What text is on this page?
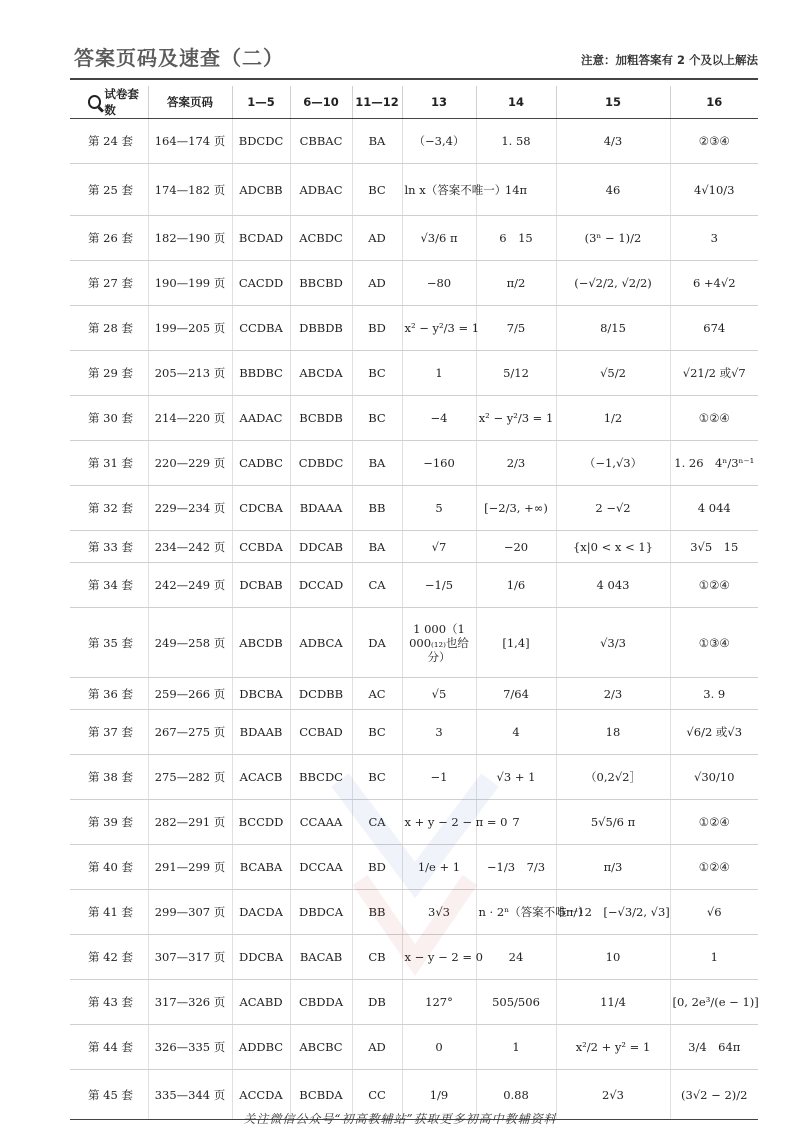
答案页码及速查（二）	注意：加粗答案有 2 个及以上解法
试卷套数	答案页码	1—5	6—10	11—12	13	14	15	16
第 24 套	164—174 页	BDCDC	CBBAC	BA	（−3,4）	1. 58	4/3	②③④
第 25 套	174—182 页	ADCBB	ADBAC	BC	ln x（答案不唯一）	14π	46	4√10/3
第 26 套	182—190 页	BCDAD	ACBDC	AD	√3/6 π	6　15	(3ⁿ − 1)/2	3
第 27 套	190—199 页	CACDD	BBCBD	AD	−80	π/2	(−√2/2, √2/2)	6 +4√2
第 28 套	199—205 页	CCDBA	DBBDB	BD	x² − y²/3 = 1	7/5	8/15	674
第 29 套	205—213 页	BBDBC	ABCDA	BC	1	5/12	√5/2	√21/2 或√7
第 30 套	214—220 页	AADAC	BCBDB	BC	−4	x² − y²/3 = 1	1/2	①②④
第 31 套	220—229 页	CADBC	CDBDC	BA	−160	2/3	（−1,√3）	1. 26　4ⁿ/3ⁿ⁻¹
第 32 套	229—234 页	CDCBA	BDAAA	BB	5	[−2/3, +∞)	2 −√2	4 044
第 33 套	234—242 页	CCBDA	DDCAB	BA	√7	−20	{x|0 < x < 1}	3√5　15
第 34 套	242—249 页	DCBAB	DCCAD	CA	−1/5	1/6	4 043	①②④
第 35 套	249—258 页	ABCDB	ADBCA	DA	1 000（1 000₍₁₂₎也给分）	[1,4]	√3/3	①③④
第 36 套	259—266 页	DBCBA	DCDBB	AC	√5	7/64	2/3	3. 9
第 37 套	267—275 页	BDAAB	CCBAD	BC	3	4	18	√6/2 或√3
第 38 套	275—282 页	ACACB	BBCDC	BC	−1	√3 + 1	（0,2√2］	√30/10
第 39 套	282—291 页	BCCDD	CCAAA	CA	x + y − 2 − π = 0	7	5√5/6 π	①②④
第 40 套	291—299 页	BCABA	DCCAA	BD	1/e + 1	−1/3　7/3	π/3	①②④
第 41 套	299—307 页	DACDA	DBDCA	BB	3√3	n · 2ⁿ（答案不唯一）	5π/12　[−√3/2, √3]	√6
第 42 套	307—317 页	DDCBA	BACAB	CB	x − y − 2 = 0	24	10	1
第 43 套	317—326 页	ACABD	CBDDA	DB	127°	505/506	11/4	[0, 2e³/(e − 1)]
第 44 套	326—335 页	ADDBC	ABCBC	AD	0	1	x²/2 + y² = 1	3/4　64π
第 45 套	335—344 页	ACCDA	BCBDA	CC	1/9	0.88	2√3	(3√2 − 2)/2
关注微信公众号“初高教辅站”获取更多初高中教辅资料
